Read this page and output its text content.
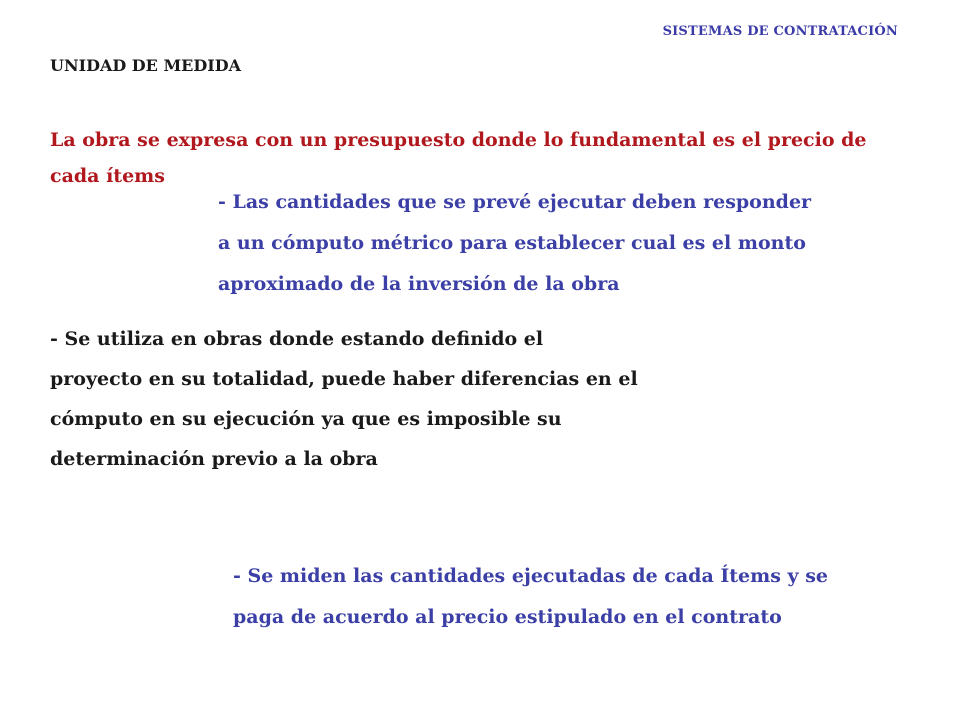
SISTEMAS DE CONTRATACIÓN
UNIDAD DE MEDIDA
La obra se expresa con un presupuesto donde lo fundamental es el precio de
cada ítems
- Las cantidades que se prevé ejecutar deben responder
a un cómputo métrico para establecer cual es el monto
aproximado de la inversión de la obra
- Se utiliza en obras donde estando definido el
proyecto en su totalidad, puede haber diferencias en el
cómputo en su ejecución ya que es imposible su
determinación previo a la obra
- Se miden las cantidades ejecutadas de cada Ítems y se
paga de acuerdo al precio estipulado en el contrato
